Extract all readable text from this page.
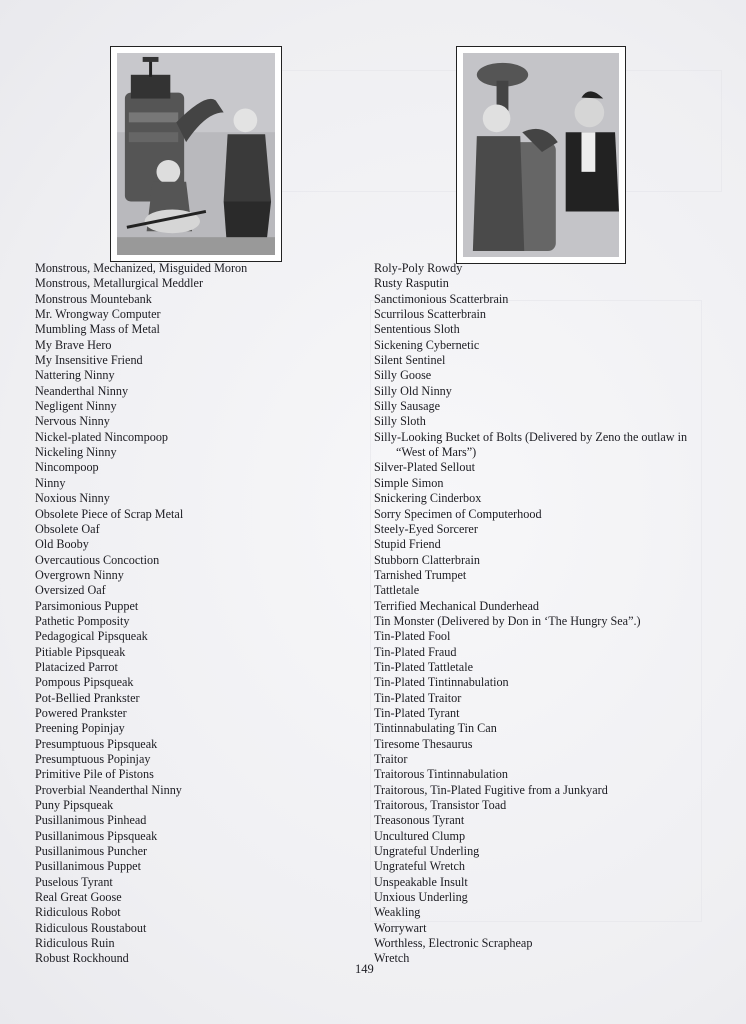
Monstrous, Mechanized, Misguided Moron
Monstrous, Metallurgical Meddler
Monstrous Mountebank
Mr. Wrongway Computer
Mumbling Mass of Metal
My Brave Hero
My Insensitive Friend
Nattering Ninny
Neanderthal Ninny
Negligent Ninny
Nervous Ninny
Nickel-plated Nincompoop
Nickeling Ninny
Nincompoop
Ninny
Noxious Ninny
Obsolete Piece of Scrap Metal
Obsolete Oaf
Old Booby
Overcautious Concoction
Overgrown Ninny
Oversized Oaf
Parsimonious Puppet
Pathetic Pomposity
Pedagogical Pipsqueak
Pitiable Pipsqueak
Platacized Parrot
Pompous Pipsqueak
Pot-Bellied Prankster
Powered Prankster
Preening Popinjay
Presumptuous Pipsqueak
Presumptuous Popinjay
Primitive Pile of Pistons
Proverbial Neanderthal Ninny
Puny Pipsqueak
Pusillanimous Pinhead
Pusillanimous Pipsqueak
Pusillanimous Puncher
Pusillanimous Puppet
Puselous Tyrant
Real Great Goose
Ridiculous Robot
Ridiculous Roustabout
Ridiculous Ruin
Robust Rockhound
Roly-Poly Rowdy
Rusty Rasputin
Sanctimonious Scatterbrain
Scurrilous Scatterbrain
Sententious Sloth
Sickening Cybernetic
Silent Sentinel
Silly Goose
Silly Old Ninny
Silly Sausage
Silly Sloth
Silly-Looking Bucket of Bolts (Delivered by Zeno the outlaw in
“West of Mars”)
Silver-Plated Sellout
Simple Simon
Snickering Cinderbox
Sorry Specimen of Computerhood
Steely-Eyed Sorcerer
Stupid Friend
Stubborn Clatterbrain
Tarnished Trumpet
Tattletale
Terrified Mechanical Dunderhead
Tin Monster (Delivered by Don in ‘The Hungry Sea”.)
Tin-Plated Fool
Tin-Plated Fraud
Tin-Plated Tattletale
Tin-Plated Tintinnabulation
Tin-Plated Traitor
Tin-Plated Tyrant
Tintinnabulating Tin Can
Tiresome Thesaurus
Traitor
Traitorous Tintinnabulation
Traitorous, Tin-Plated Fugitive from a Junkyard
Traitorous, Transistor Toad
Treasonous Tyrant
Uncultured Clump
Ungrateful Underling
Ungrateful Wretch
Unspeakable Insult
Unxious Underling
Weakling
Worrywart
Worthless, Electronic Scrapheap
Wretch
149
